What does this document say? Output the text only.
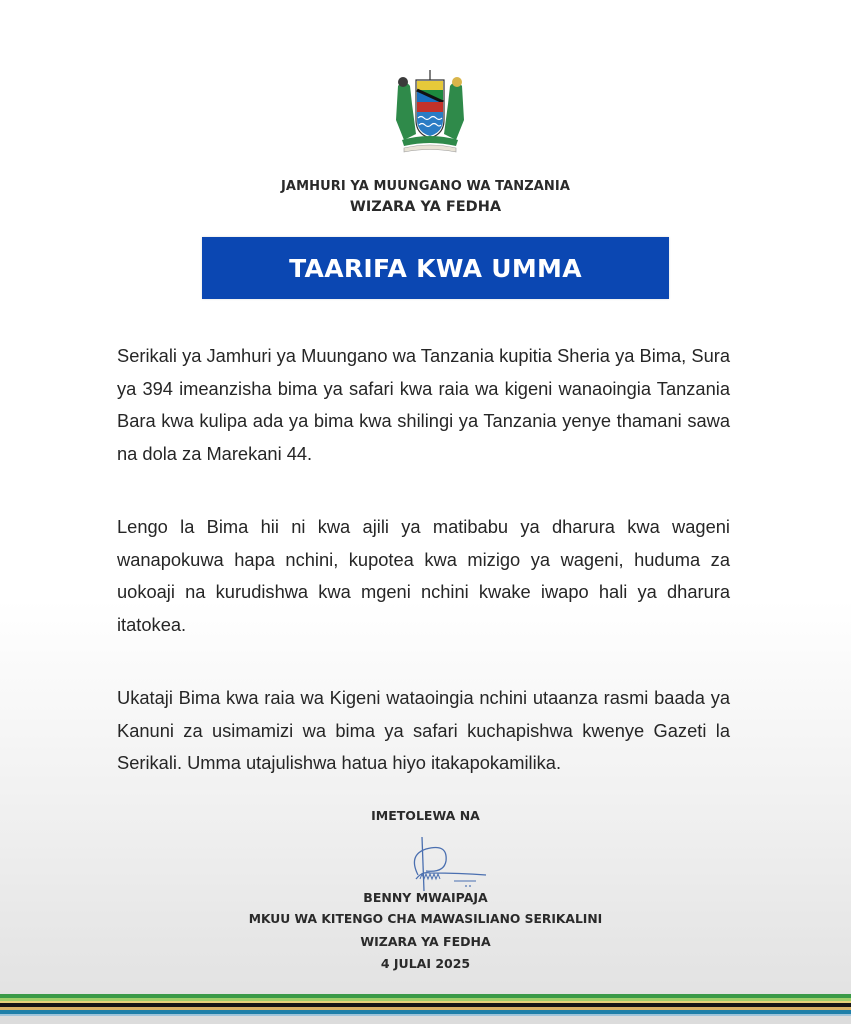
JAMHURI YA MUUNGANO WA TANZANIA
WIZARA YA FEDHA
TAARIFA KWA UMMA

Serikali ya Jamhuri ya Muungano wa Tanzania kupitia Sheria ya Bima, Sura ya 394 imeanzisha bima ya safari kwa raia wa kigeni wanaoingia Tanzania Bara kwa kulipa ada ya bima kwa shilingi ya Tanzania yenye thamani sawa na dola za Marekani 44.

Lengo la Bima hii ni kwa ajili ya matibabu ya dharura kwa wageni wanapokuwa hapa nchini, kupotea kwa mizigo ya wageni, huduma za uokoaji na kurudishwa kwa mgeni nchini kwake iwapo hali ya dharura itatokea.

Ukataji Bima kwa raia wa Kigeni wataoingia nchini utaanza rasmi baada ya Kanuni za usimamizi wa bima ya safari kuchapishwa kwenye Gazeti la Serikali. Umma utajulishwa hatua hiyo itakapokamilika.

IMETOLEWA NA
BENNY MWAIPAJA
MKUU WA KITENGO CHA MAWASILIANO SERIKALINI
WIZARA YA FEDHA
4 JULAI 2025
